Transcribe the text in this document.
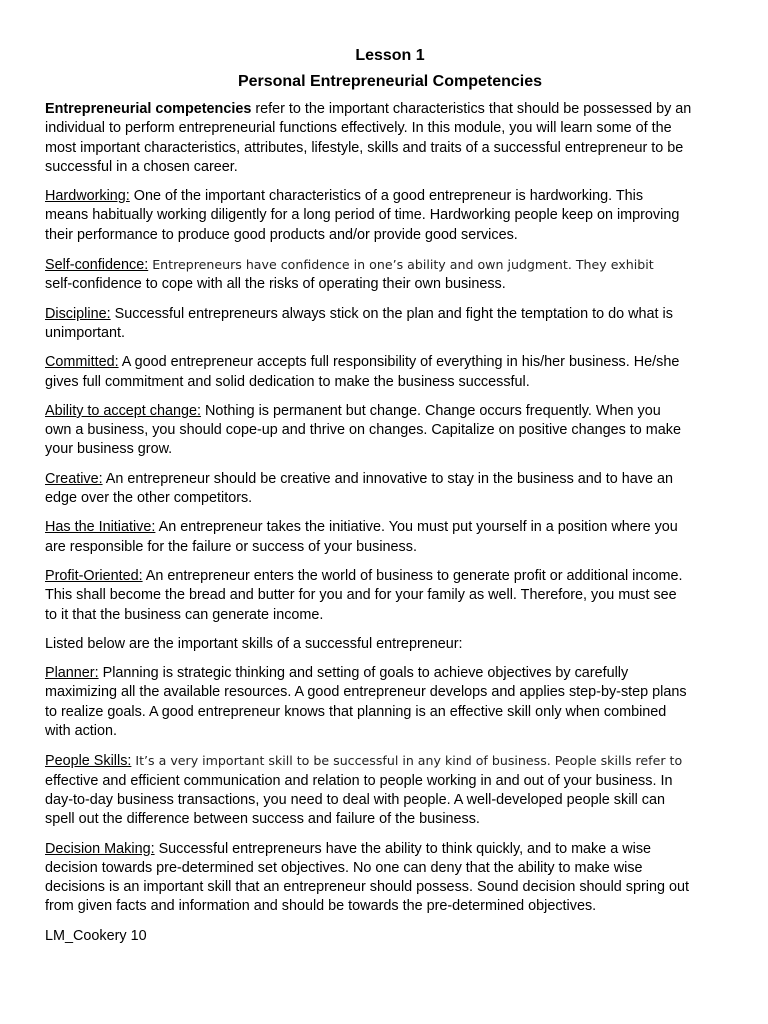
Lesson 1
Personal Entrepreneurial Competencies
Entrepreneurial competencies refer to the important characteristics that should be possessed by an
individual to perform entrepreneurial functions effectively. In this module, you will learn some of the
most important characteristics, attributes, lifestyle, skills and traits of a successful entrepreneur to be
successful in a chosen career.
Hardworking: One of the important characteristics of a good entrepreneur is hardworking. This
means habitually working diligently for a long period of time. Hardworking people keep on improving
their performance to produce good products and/or provide good services.
Self-confidence: Entrepreneurs have confidence in one’s ability and own judgment. They exhibit
self-confidence to cope with all the risks of operating their own business.
Discipline: Successful entrepreneurs always stick on the plan and fight the temptation to do what is
unimportant.
Committed: A good entrepreneur accepts full responsibility of everything in his/her business. He/she
gives full commitment and solid dedication to make the business successful.
Ability to accept change: Nothing is permanent but change. Change occurs frequently. When you
own a business, you should cope-up and thrive on changes. Capitalize on positive changes to make
your business grow.
Creative: An entrepreneur should be creative and innovative to stay in the business and to have an
edge over the other competitors.
Has the Initiative: An entrepreneur takes the initiative. You must put yourself in a position where you
are responsible for the failure or success of your business.
Profit-Oriented: An entrepreneur enters the world of business to generate profit or additional income.
This shall become the bread and butter for you and for your family as well. Therefore, you must see
to it that the business can generate income.
Listed below are the important skills of a successful entrepreneur:
Planner: Planning is strategic thinking and setting of goals to achieve objectives by carefully
maximizing all the available resources. A good entrepreneur develops and applies step-by-step plans
to realize goals. A good entrepreneur knows that planning is an effective skill only when combined
with action.
People Skills: It’s a very important skill to be successful in any kind of business. People skills refer to
effective and efficient communication and relation to people working in and out of your business. In
day-to-day business transactions, you need to deal with people. A well-developed people skill can
spell out the difference between success and failure of the business.
Decision Making: Successful entrepreneurs have the ability to think quickly, and to make a wise
decision towards pre-determined set objectives. No one can deny that the ability to make wise
decisions is an important skill that an entrepreneur should possess. Sound decision should spring out
from given facts and information and should be towards the pre-determined objectives.
LM_Cookery 10
